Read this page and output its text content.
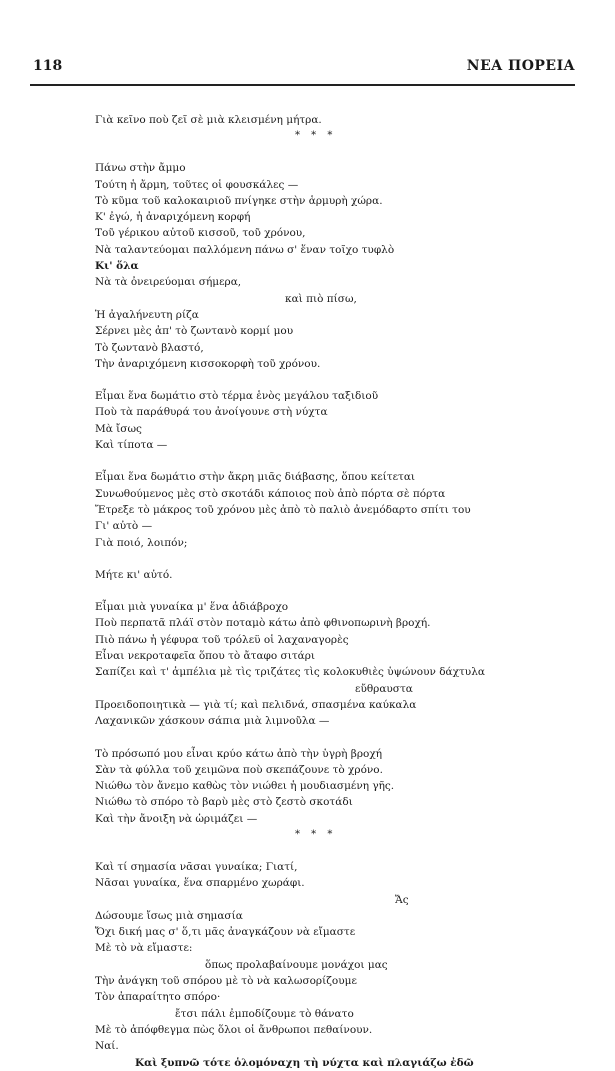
118	ΝΕΑ ΠΟΡΕΙΑ
Γιὰ κεῖνο ποὺ ζεῖ σὲ μιὰ κλεισμένη μήτρα.
* * *
Πάνω στὴν ἄμμο
Τούτη ἡ ἄρμη, τοῦτες οἱ φουσκάλες —
Τὸ κῦμα τοῦ καλοκαιριοῦ πνίγηκε στὴν ἁρμυρὴ χώρα.
Κ' ἐγώ, ἡ ἀναριχόμενη κορφή
Τοῦ γέρικου αὐτοῦ κισσοῦ, τοῦ χρόνου,
Νὰ ταλαντεύομαι παλλόμενη πάνω σ' ἕναν τοῖχο τυφλὸ
Κι' ὅλα
Νὰ τὰ ὀνειρεύομαι σήμερα,
καὶ πιὸ πίσω,
Ἡ ἀγαλήνευτη ρίζα
Σέρνει μὲς ἀπ' τὸ ζωντανὸ κορμί μου
Τὸ ζωντανὸ βλαστό,
Τὴν ἀναριχόμενη κισσοκορφὴ τοῦ χρόνου.
Εἶμαι ἕνα δωμάτιο στὸ τέρμα ἑνὸς μεγάλου ταξιδιοῦ
Ποὺ τὰ παράθυρά του ἀνοίγουνε στὴ νύχτα
Μὰ ἴσως
Καὶ τίποτα —
Εἶμαι ἕνα δωμάτιο στὴν ἄκρη μιᾶς διάβασης, ὅπου κείτεται
Συνωθούμενος μὲς στὸ σκοτάδι κάποιος ποὺ ἀπὸ πόρτα σὲ πόρτα
Ἔτρεξε τὸ μάκρος τοῦ χρόνου μὲς ἀπὸ τὸ παλιὸ ἀνεμόδαρτο σπίτι του
Γι' αὐτὸ —
Γιὰ ποιό, λοιπόν;
Μήτε κι' αὐτό.
Εἶμαι μιὰ γυναίκα μ' ἕνα ἀδιάβροχο
Ποὺ περπατᾶ πλάϊ στὸν ποταμὸ κάτω ἀπὸ φθινοπωρινὴ βροχή.
Πιὸ πάνω ἡ γέφυρα τοῦ τρόλεϋ οἱ λαχαναγορὲς
Εἶναι νεκροταφεῖα ὅπου τὸ ἄταφο σιτάρι
Σαπίζει καὶ τ' ἀμπέλια μὲ τὶς τριζάτες τὶς κολοκυθιὲς ὑψώνουν δάχτυλα
εὔθραυστα
Προειδοποιητικὰ — γιὰ τί; καὶ πελιδνά, σπασμένα καύκαλα
Λαχανικῶν χάσκουν σάπια μιὰ λιμνοῦλα —
Τὸ πρόσωπό μου εἶναι κρύο κάτω ἀπὸ τὴν ὑγρὴ βροχή
Σὰν τὰ φύλλα τοῦ χειμῶνα ποὺ σκεπάζουνε τὸ χρόνο.
Νιώθω τὸν ἄνεμο καθὼς τὸν νιώθει ἡ μουδιασμένη γῆς.
Νιώθω τὸ σπόρο τὸ βαρὺ μὲς στὸ ζεστὸ σκοτάδι
Καὶ τὴν ἄνοιξη νὰ ὡριμάζει —
* * *
Καὶ τί σημασία νᾶσαι γυναίκα; Γιατί,
Νᾶσαι γυναίκα, ἕνα σπαρμένο χωράφι.
Ἄς
Δώσουμε ἴσως μιὰ σημασία
Ὄχι δική μας σ' ὅ,τι μᾶς ἀναγκάζουν νὰ εἴμαστε
Μὲ τὸ νὰ εἴμαστε:
ὅπως προλαβαίνουμε μονάχοι μας
Τὴν ἀνάγκη τοῦ σπόρου μὲ τὸ νὰ καλωσορίζουμε
Τὸν ἀπαραίτητο σπόρο·
ἔτσι πάλι ἐμποδίζουμε τὸ θάνατο
Μὲ τὸ ἀπόφθεγμα πὼς ὅλοι οἱ ἄνθρωποι πεθαίνουν.
Ναί.
Καὶ ξυπνῶ τότε ὁλομόναχη τὴ νύχτα καὶ πλαγιάζω ἐδῶ
